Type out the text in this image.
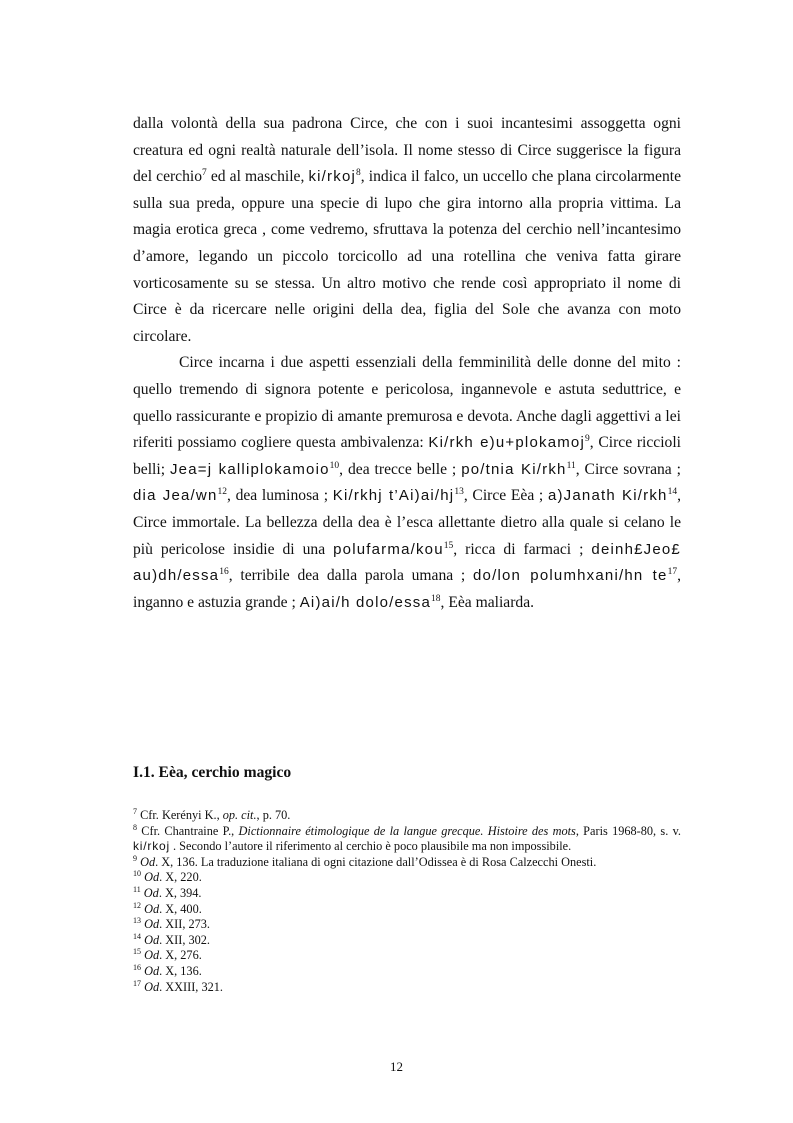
dalla volontà della sua padrona Circe, che con i suoi incantesimi assoggetta ogni creatura ed ogni realtà naturale dell’isola. Il nome stesso di Circe suggerisce la figura del cerchio$^7$ ed al maschile, ki/rkoj$^8$, indica il falco, un uccello che plana circolarmente sulla sua preda, oppure una specie di lupo che gira intorno alla propria vittima. La magia erotica greca , come vedremo, sfruttava la potenza del cerchio nell’incantesimo d’amore, legando un piccolo torcicollo ad una rotellina che veniva fatta girare vorticosamente su se stessa. Un altro motivo che rende così appropriato il nome di Circe è da ricercare nelle origini della dea, figlia del Sole che avanza con moto circolare.

Circe incarna i due aspetti essenziali della femminilità delle donne del mito : quello tremendo di signora potente e pericolosa, ingannevole e astuta seduttrice, e quello rassicurante e propizio di amante premurosa e devota. Anche dagli aggettivi a lei riferiti possiamo cogliere questa ambivalenza: Ki/rkh e)u+plokamoj$^9$, Circe riccioli belli; Jea=j kalliplokamoio$^{10}$, dea trecce belle ; po/tnia Ki/rkh$^{11}$, Circe sovrana ; dia Jea/$wn^{12}$, dea luminosa ; Ki/rkhj $t’Ai)ai/hj^{13}$, Circe Eèa ; a)Janath Ki/rkh$^{14}$, Circe immortale. La bellezza della dea è l’esca allettante dietro alla quale si celano le più pericolose insidie di una polufarma/kou$^{15}$, ricca di farmaci ; deinh£Jeo£ au)dh/essa$^{16}$, terribile dea dalla parola umana ; do/lon polumhxani/hn $te^{17}$, inganno e astuzia grande ; Ai)ai/h dolo/essa$^{18}$, Eèa maliarda.

I.1. Eèa, cerchio magico

$^7$ Cfr. Kerényi K., op. cit., p. 70.

$^8$ Cfr. Chantraine P., Dictionnaire étimologique de la langue grecque. Histoire des mots, Paris 1968-80, s. v. ki/rkoj . Secondo l’autore il riferimento al cerchio è poco plausibile ma non impossibile.

$^9$ Od. X, 136. La traduzione italiana di ogni citazione dall’Odissea è di Rosa Calzecchi Onesti.

$^{10}$ Od. X, 220.

$^{11}$ Od. X, 394.

$^{12}$ Od. X, 400.

$^{13}$ Od. XII, 273.

$^{14}$ Od. XII, 302.

$^{15}$ Od. X, 276.

$^{16}$ Od. X, 136.

$^{17}$ Od. XXIII, 321.

12
